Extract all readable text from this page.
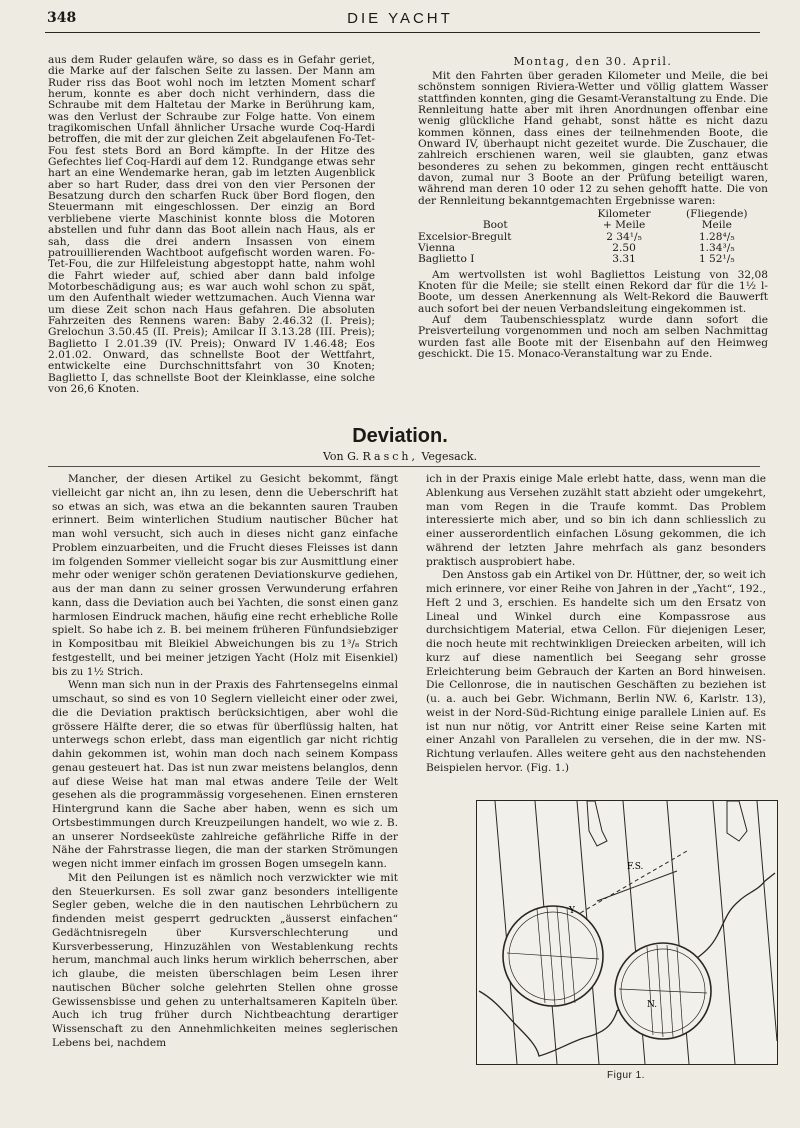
348	DIE YACHT

aus dem Ruder gelaufen wäre, so dass es in Gefahr geriet, die Marke auf der falschen Seite zu lassen. Der Mann am Ruder riss das Boot wohl noch im letzten Moment scharf herum, konnte es aber doch nicht verhindern, dass die Schraube mit dem Haltetau der Marke in Berührung kam, was den Verlust der Schraube zur Folge hatte. Von einem tragikomischen Unfall ähnlicher Ursache wurde Coq-Hardi betroffen, die mit der zur gleichen Zeit abgelaufenen Fo-Tet-Fou fest stets Bord an Bord kämpfte. In der Hitze des Gefechtes lief Coq-Hardi auf dem 12. Rundgange etwas sehr hart an eine Wendemarke heran, gab im letzten Augenblick aber so hart Ruder, dass drei von den vier Personen der Besatzung durch den scharfen Ruck über Bord flogen, den Steuermann mit eingeschlossen. Der einzig an Bord verbliebene vierte Maschinist konnte bloss die Motoren abstellen und fuhr dann das Boot allein nach Haus, als er sah, dass die drei andern Insassen von einem patrouillierenden Wachtboot aufgefischt worden waren. Fo-Tet-Fou, die zur Hilfeleistung abgestoppt hatte, nahm wohl die Fahrt wieder auf, schied aber dann bald infolge Motorbeschädigung aus; es war auch wohl schon zu spät, um den Aufenthalt wieder wettzumachen. Auch Vienna war um diese Zeit schon nach Haus gefahren. Die absoluten Fahrzeiten des Rennens waren: Baby 2.46.32 (I. Preis); Grelochun 3.50.45 (II. Preis); Amilcar II 3.13.28 (III. Preis); Baglietto I 2.01.39 (IV. Preis); Onward IV 1.46.48; Eos 2.01.02. Onward, das schnellste Boot der Wettfahrt, entwickelte eine Durchschnittsfahrt von 30 Knoten; Baglietto I, das schnellste Boot der Kleinklasse, eine solche von 26,6 Knoten.

Montag, den 30. April.

Mit den Fahrten über geraden Kilometer und Meile, die bei schönstem sonnigen Riviera-Wetter und völlig glattem Wasser stattfinden konnten, ging die Gesamt-Veranstaltung zu Ende. Die Rennleitung hatte aber mit ihren Anordnungen offenbar eine wenig glückliche Hand gehabt, sonst hätte es nicht dazu kommen können, dass eines der teilnehmenden Boote, die Onward IV, überhaupt nicht gezeitet wurde. Die Zuschauer, die zahlreich erschienen waren, weil sie glaubten, ganz etwas besonderes zu sehen zu bekommen, gingen recht enttäuscht davon, zumal nur 3 Boote an der Prüfung beteiligt waren, während man deren 10 oder 12 zu sehen gehofft hatte. Die von der Rennleitung bekanntgemachten Ergebnisse waren:

	Kilometer	(Fliegende)
Boot	+ Meile	Meile
Excelsior-Bregult	2 34¹/₅	1.28⁴/₅
Vienna	2.50	1.34³/₅
Baglietto I	3.31	1 52¹/₅

Am wertvollsten ist wohl Bagliettos Leistung von 32,08 Knoten für die Meile; sie stellt einen Rekord dar für die 1½ l-Boote, um dessen Anerkennung als Welt-Rekord die Bauwerft auch sofort bei der neuen Verbandsleitung eingekommen ist.

Auf dem Taubenschiessplatz wurde dann sofort die Preisverteilung vorgenommen und noch am selben Nachmittag wurden fast alle Boote mit der Eisenbahn auf den Heimweg geschickt. Die 15. Monaco-Veranstaltung war zu Ende.

Deviation.
Von G. Rasch, Vegesack.

Mancher, der diesen Artikel zu Gesicht bekommt, fängt vielleicht gar nicht an, ihn zu lesen, denn die Ueberschrift hat so etwas an sich, was etwa an die bekannten sauren Trauben erinnert. Beim winterlichen Studium nautischer Bücher hat man wohl versucht, sich auch in dieses nicht ganz einfache Problem einzuarbeiten, und die Frucht dieses Fleisses ist dann im folgenden Sommer vielleicht sogar bis zur Ausmittlung einer mehr oder weniger schön geratenen Deviationskurve gediehen, aus der man dann zu seiner grossen Verwunderung erfahren kann, dass die Deviation auch bei Yachten, die sonst einen ganz harmlosen Eindruck machen, häufig eine recht erhebliche Rolle spielt. So habe ich z. B. bei meinem früheren Fünfundsiebziger in Kompositbau mit Bleikiel Abweichungen bis zu 1³/₈ Strich festgestellt, und bei meiner jetzigen Yacht (Holz mit Eisenkiel) bis zu 1½ Strich.

Wenn man sich nun in der Praxis des Fahrtensegelns einmal umschaut, so sind es von 10 Seglern vielleicht einer oder zwei, die die Deviation praktisch berücksichtigen, aber wohl die grössere Hälfte derer, die so etwas für überflüssig halten, hat unterwegs schon erlebt, dass man eigentlich gar nicht richtig dahin gekommen ist, wohin man doch nach seinem Kompass genau gesteuert hat. Das ist nun zwar meistens belanglos, denn auf diese Weise hat man mal etwas andere Teile der Welt gesehen als die programmässig vorgesehenen. Einen ernsteren Hintergrund kann die Sache aber haben, wenn es sich um Ortsbestimmungen durch Kreuzpeilungen handelt, wo wie z. B. an unserer Nordseeküste zahlreiche gefährliche Riffe in der Nähe der Fahrstrasse liegen, die man der starken Strömungen wegen nicht immer einfach im grossen Bogen umsegeln kann.

Mit den Peilungen ist es nämlich noch verzwickter wie mit den Steuerkursen. Es soll zwar ganz besonders intelligente Segler geben, welche die in den nautischen Lehrbüchern zu findenden meist gesperrt gedruckten „äusserst einfachen“ Gedächtnisregeln über Kursverschlechterung und Kursverbesserung, Hinzuzählen von Westablenkung rechts herum, manchmal auch links herum wirklich beherrschen, aber ich glaube, die meisten überschlagen beim Lesen ihrer nautischen Bücher solche gelehrten Stellen ohne grosse Gewissensbisse und gehen zu unterhaltsameren Kapiteln über. Auch ich trug früher durch Nichtbeachtung derartiger Wissenschaft zu den Annehmlichkeiten meines seglerischen Lebens bei, nachdem

ich in der Praxis einige Male erlebt hatte, dass, wenn man die Ablenkung aus Versehen zuzählt statt abzieht oder umgekehrt, man vom Regen in die Traufe kommt. Das Problem interessierte mich aber, und so bin ich dann schliesslich zu einer ausserordentlich einfachen Lösung gekommen, die ich während der letzten Jahre mehrfach als ganz besonders praktisch ausprobiert habe.

Den Anstoss gab ein Artikel von Dr. Hüttner, der, so weit ich mich erinnere, vor einer Reihe von Jahren in der „Yacht“, 192., Heft 2 und 3, erschien. Es handelte sich um den Ersatz von Lineal und Winkel durch eine Kompassrose aus durchsichtigem Material, etwa Cellon. Für diejenigen Leser, die noch heute mit rechtwinkligen Dreiecken arbeiten, will ich kurz auf diese namentlich bei Seegang sehr grosse Erleichterung beim Gebrauch der Karten an Bord hinweisen. Die Cellonrose, die in nautischen Geschäften zu beziehen ist (u. a. auch bei Gebr. Wichmann, Berlin NW. 6, Karlstr. 13), weist in der Nord-Süd-Richtung einige parallele Linien auf. Es ist nun nur nötig, vor Antritt einer Reise seine Karten mit einer Anzahl von Parallelen zu versehen, die in der mw. NS-Richtung verlaufen. Alles weitere geht aus den nachstehenden Beispielen hervor. (Fig. 1.)

F.S.
Y
N.
Figur 1.
